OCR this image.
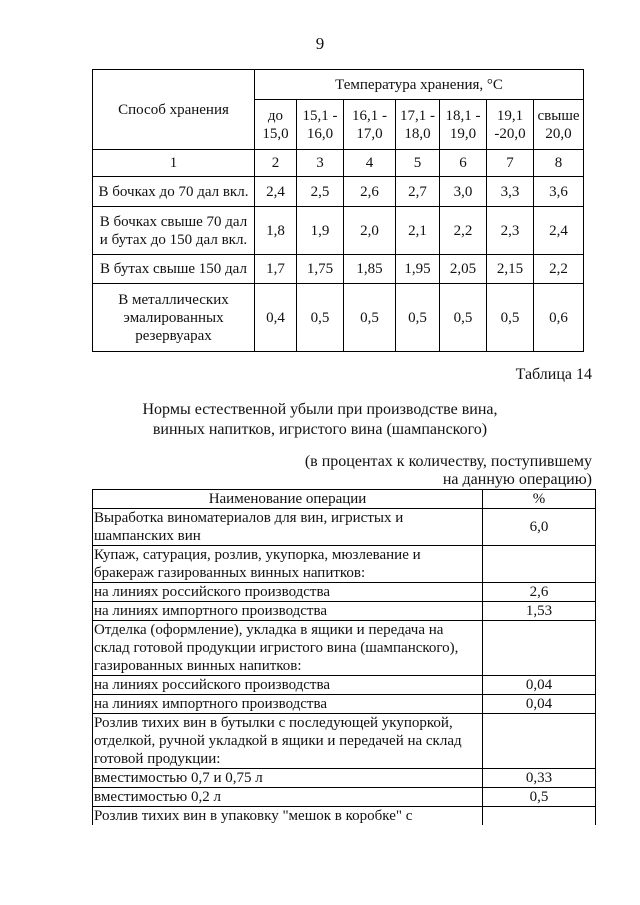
9
Способ хранения	Температура хранения, °С						
	до 15,0	15,1 - 16,0	16,1 - 17,0	17,1 - 18,0	18,1 - 19,0	19,1 -20,0	свыше 20,0
1	2	3	4	5	6	7	8
В бочках до 70 дал вкл.	2,4	2,5	2,6	2,7	3,0	3,3	3,6
В бочках свыше 70 дал и бутах до 150 дал вкл.	1,8	1,9	2,0	2,1	2,2	2,3	2,4
В бутах свыше 150 дал	1,7	1,75	1,85	1,95	2,05	2,15	2,2
В металлических эмалированных резервуарах	0,4	0,5	0,5	0,5	0,5	0,5	0,6
Таблица 14
Нормы естественной убыли при производстве вина,
винных напитков, игристого вина (шампанского)
(в процентах к количеству, поступившему
на данную операцию)
Наименование операции	%
Выработка виноматериалов для вин, игристых и шампанских вин	6,0
Купаж, сатурация, розлив, укупорка, мюзлевание и бракераж газированных винных напитков:	
на линиях российского производства	2,6
на линиях импортного производства	1,53
Отделка (оформление), укладка в ящики и передача на склад готовой продукции игристого вина (шампанского), газированных винных напитков:	
на линиях российского производства	0,04
на линиях импортного производства	0,04
Розлив тихих вин в бутылки с последующей укупоркой, отделкой, ручной укладкой в ящики и передачей на склад готовой продукции:	
вместимостью 0,7 и 0,75 л	0,33
вместимостью 0,2 л	0,5
Розлив тихих вин в упаковку "мешок в коробке" с	
